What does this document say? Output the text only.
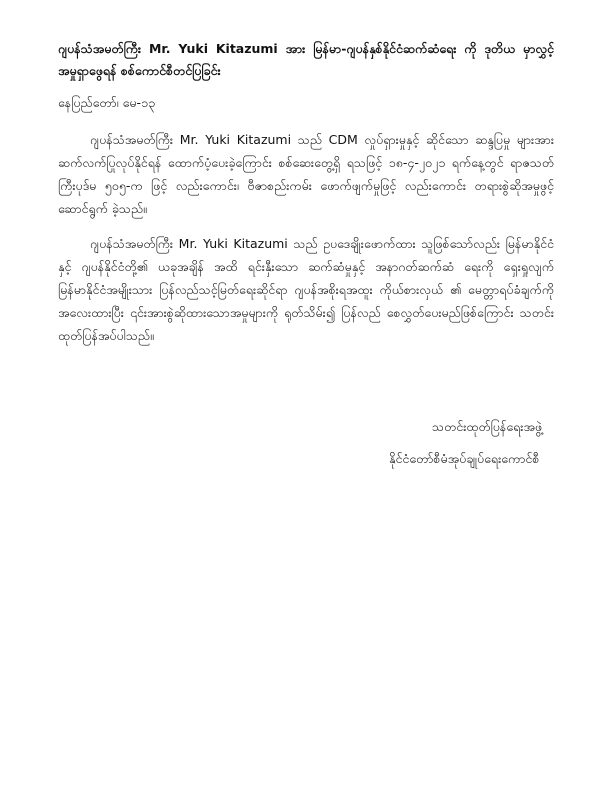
ဂျပန်သံအမတ်ကြီး Mr. Yuki Kitazumi အား မြန်မာ-ဂျပန်နှစ်နိုင်ငံဆက်ဆံရေး ကို ဒုတိယ မှာလွှင့် အမှုရှာဖွေရန် စစ်ကောင်စီတင်ပြခြင်း
နေပြည်တော်၊ မေ-၁၃
ဂျပန်သံအမတ်ကြီး Mr. Yuki Kitazumi သည် CDM လှုပ်ရှားမှုနှင့် ဆိုင်သော ဆန္ဒပြမှု များအား ဆက်လက်ပြုလုပ်နိုင်ရန် ထောက်ပံ့ပေးခဲ့ကြောင်း စစ်ဆေးတွေ့ရှိ ရသဖြင့် ၁၈-၄-၂၀၂၁ ရက်နေ့တွင် ရာဇသတ်ကြီးပုဒ်မ ၅၀၅-က ဖြင့် လည်းကောင်း၊ ဗီဇာစည်းကမ်း ဖောက်ဖျက်မှုဖြင့် လည်းကောင်း တရားစွဲဆိုအမှုဖွင့်ဆောင်ရွက် ခဲ့သည်။
ဂျပန်သံအမတ်ကြီး Mr. Yuki Kitazumi သည် ဥပဒေချိုးဖောက်ထား သူဖြစ်သော်လည်း မြန်မာနိုင်ငံနှင့် ဂျပန်နိုင်ငံတို့၏ ယခုအချိန် အထိ ရင်းနှီးသော ဆက်ဆံမှုနှင့် အနာဂတ်ဆက်ဆံ ရေးကို ရှေးရှုလျက် မြန်မာနိုင်ငံအမျိုးသား ပြန်လည်သင့်မြတ်ရေးဆိုင်ရာ ဂျပန်အစိုးရအထူး ကိုယ်စားလှယ် ၏ မေတ္တာရပ်ခံချက်ကို အလေးထားပြီး ၎င်းအားစွဲဆိုထားသောအမှုများကို ရုတ်သိမ်း၍ ပြန်လည် စေလွှတ်ပေးမည်ဖြစ်ကြောင်း သတင်းထုတ်ပြန်အပ်ပါသည်။
သတင်းထုတ်ပြန်ရေးအဖွဲ့
နိုင်ငံတော်စီမံအုပ်ချုပ်ရေးကောင်စီ
